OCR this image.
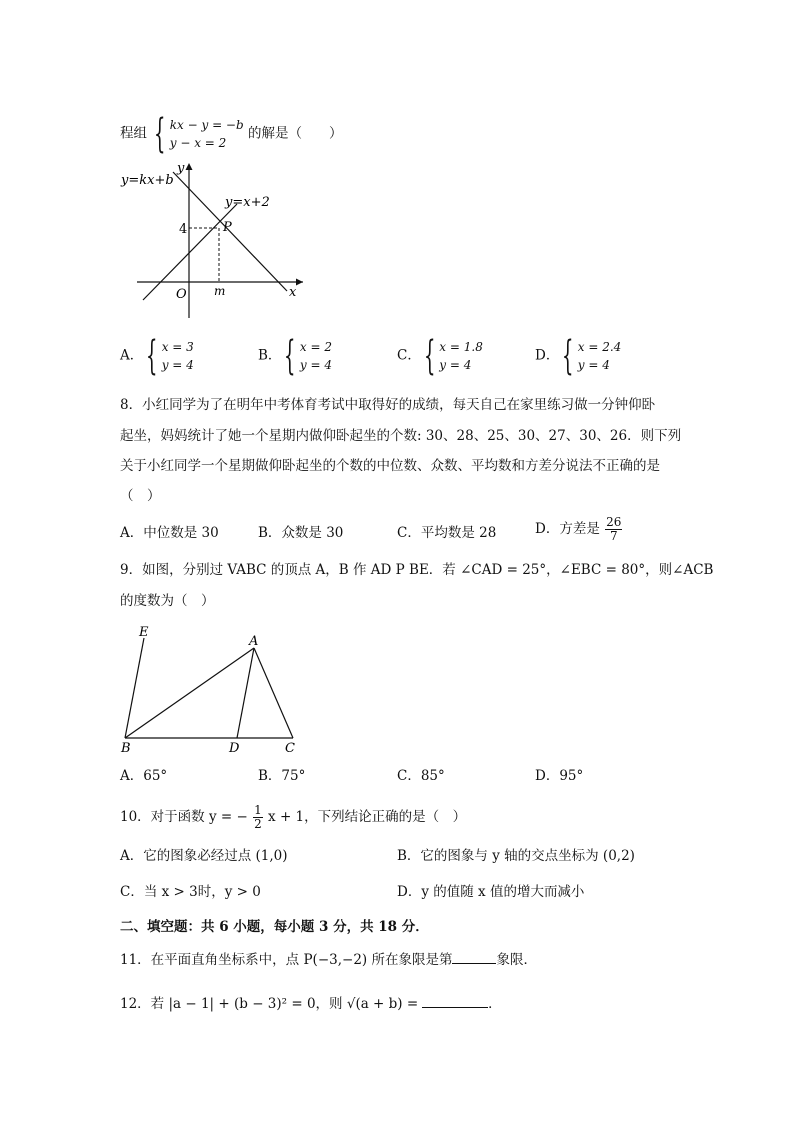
程组 { kx − y = −b
y − x = 2
的解是（　　）
y
x
y=kx+b
y=x+2
P
4
m
O
A． { x = 3
y = 4
B． { x = 2
y = 4
C． { x = 1.8
y = 4
D． { x = 2.4
y = 4
8．小红同学为了在明年中考体育考试中取得好的成绩，每天自己在家里练习做一分钟仰卧
起坐，妈妈统计了她一个星期内做仰卧起坐的个数: 30、28、25、30、27、30、26．则下列
关于小红同学一个星期做仰卧起坐的个数的中位数、众数、平均数和方差分说法不正确的是
（　）
A．中位数是 30	B．众数是 30	C．平均数是 28	D．方差是 $\frac{26}{7}$
9．如图，分别过 VABC 的顶点 A，B 作 AD P BE．若 ∠CAD = 25°，∠EBC = 80°，则∠ACB
的度数为（　）
E
A
B	D	C
A．65°	B．75°	C．85°	D．95°
10．对于函数 y = − $\frac{1}{2}$ x + 1，下列结论正确的是（　）
A．它的图象必经过点 (1,0)	B．它的图象与 y 轴的交点坐标为 (0,2)
C．当 x > 3时，y > 0	D．y 的值随 x 值的增大而减小
二、填空题：共 6 小题，每小题 3 分，共 18 分．
11．在平面直角坐标系中，点 P(−3,−2) 所在象限是第	象限．
12．若 |a − 1| + (b − 3)² = 0，则 √(a + b) =	．
